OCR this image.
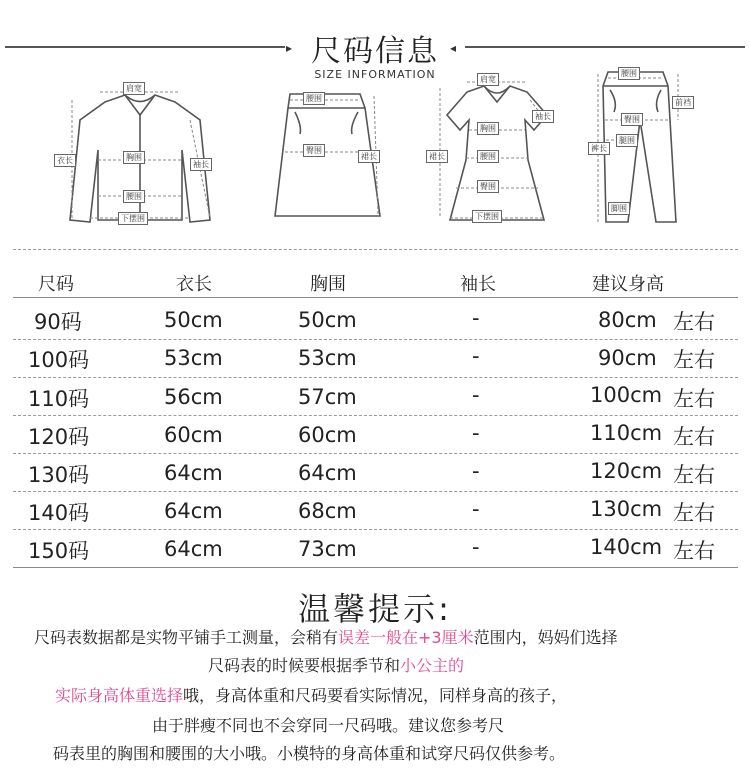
▸	◂
尺码信息
SIZE INFORMATION
肩宽
衣长	胸围
袖长
腰围
下摆围
腰围
臀围
裙长
肩宽
袖长
胸围
裙长	腰围
臀围
下摆围
腰围
前裆
臀围
裤长
腿围
脚围
尺码	衣长	胸围	袖长	建议身高
90码	50cm	50cm	-	80cm 左右
100码	53cm	53cm	-	90cm 左右
110码	56cm	57cm	-	100cm 左右
120码	60cm	60cm	-	110cm 左右
130码	64cm	64cm	-	120cm 左右
140码	64cm	68cm	-	130cm 左右
150码	64cm	73cm	-	140cm 左右
温馨提示:
尺码表数据都是实物平铺手工测量，会稍有误差一般在+3厘米范围内，妈妈们选择
尺码表的时候要根据季节和小公主的
实际身高体重选择哦，身高体重和尺码要看实际情况，同样身高的孩子，
由于胖瘦不同也不会穿同一尺码哦。建议您参考尺
码表里的胸围和腰围的大小哦。小模特的身高体重和试穿尺码仅供参考。
